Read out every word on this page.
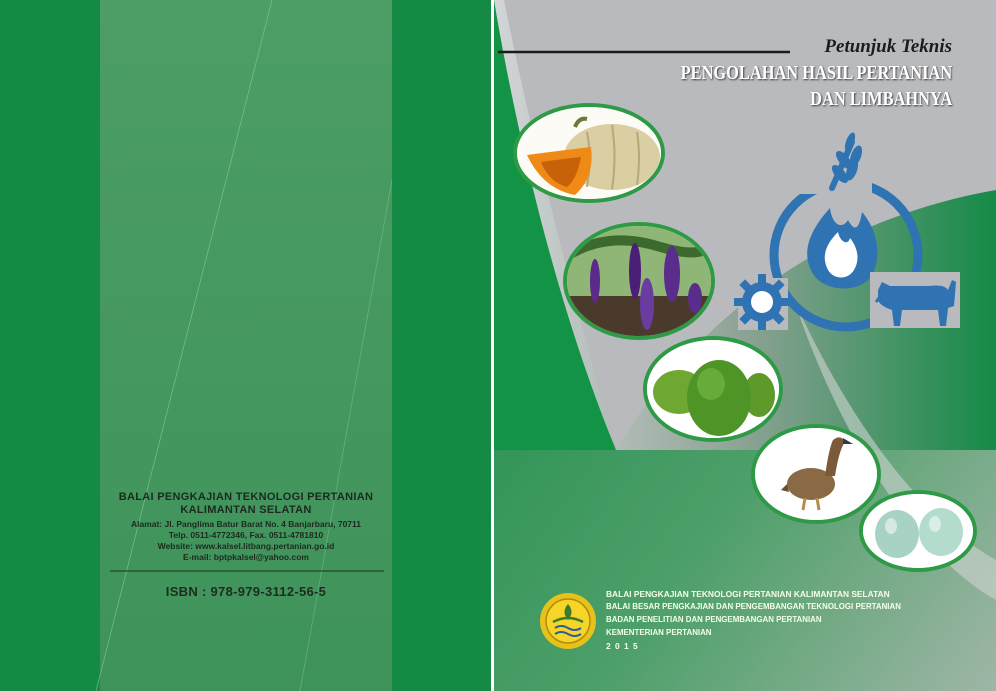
BALAI PENGKAJIAN TEKNOLOGI PERTANIAN
KALIMANTAN SELATAN
Alamat: Jl. Panglima Batur Barat No. 4 Banjarbaru, 70711
Telp. 0511-4772346, Fax. 0511-4781810
Website: www.kalsel.litbang.pertanian.go.id
E-mail: bptpkalsel@yahoo.com
ISBN : 978-979-3112-56-5
Petunjuk Teknis
PENGOLAHAN HASIL PERTANIAN
DAN LIMBAHNYA
BALAI PENGKAJIAN TEKNOLOGI PERTANIAN KALIMANTAN SELATAN
BALAI BESAR PENGKAJIAN DAN PENGEMBANGAN TEKNOLOGI PERTANIAN
BADAN PENELITIAN DAN PENGEMBANGAN PERTANIAN
KEMENTERIAN PERTANIAN
2 0 1 5
